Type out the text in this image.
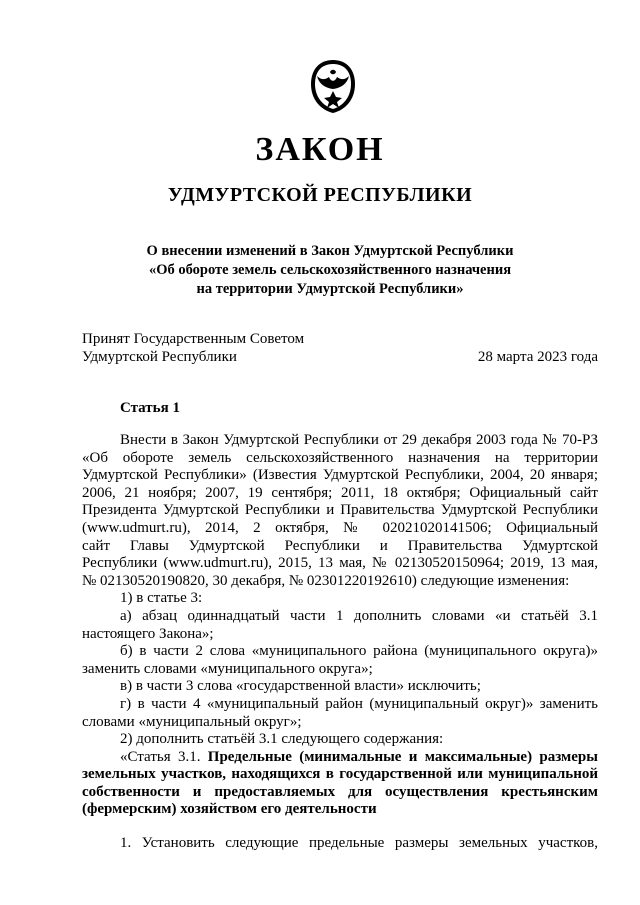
ЗАКОН
УДМУРТСКОЙ РЕСПУБЛИКИ
О внесении изменений в Закон Удмуртской Республики
«Об обороте земель сельскохозяйственного назначения
на территории Удмуртской Республики»
Принят Государственным Советом
Удмуртской Республики	28 марта 2023 года
Статья 1
Внести в Закон Удмуртской Республики от 29 декабря 2003 года № 70-РЗ
«Об обороте земель сельскохозяйственного назначения на территории
Удмуртской Республики» (Известия Удмуртской Республики, 2004, 20 января;
2006, 21 ноября; 2007, 19 сентября; 2011, 18 октября; Официальный сайт
Президента Удмуртской Республики и Правительства Удмуртской Республики
(www.udmurt.ru), 2014, 2 октября, № 02021020141506; Официальный
сайт Главы Удмуртской Республики и Правительства Удмуртской
Республики (www.udmurt.ru), 2015, 13 мая, № 02130520150964; 2019, 13 мая,
№ 02130520190820, 30 декабря, № 02301220192610) следующие изменения:
1) в статье 3:
а) абзац одиннадцатый части 1 дополнить словами «и статьёй 3.1
настоящего Закона»;
б) в части 2 слова «муниципального района (муниципального округа)»
заменить словами «муниципального округа»;
в) в части 3 слова «государственной власти» исключить;
г) в части 4 «муниципальный район (муниципальный округ)» заменить
словами «муниципальный округ»;
2) дополнить статьёй 3.1 следующего содержания:
«Статья 3.1. Предельные (минимальные и максимальные) размеры
земельных участков, находящихся в государственной или муниципальной
собственности и предоставляемых для осуществления крестьянским
(фермерским) хозяйством его деятельности
1. Установить следующие предельные размеры земельных участков,
